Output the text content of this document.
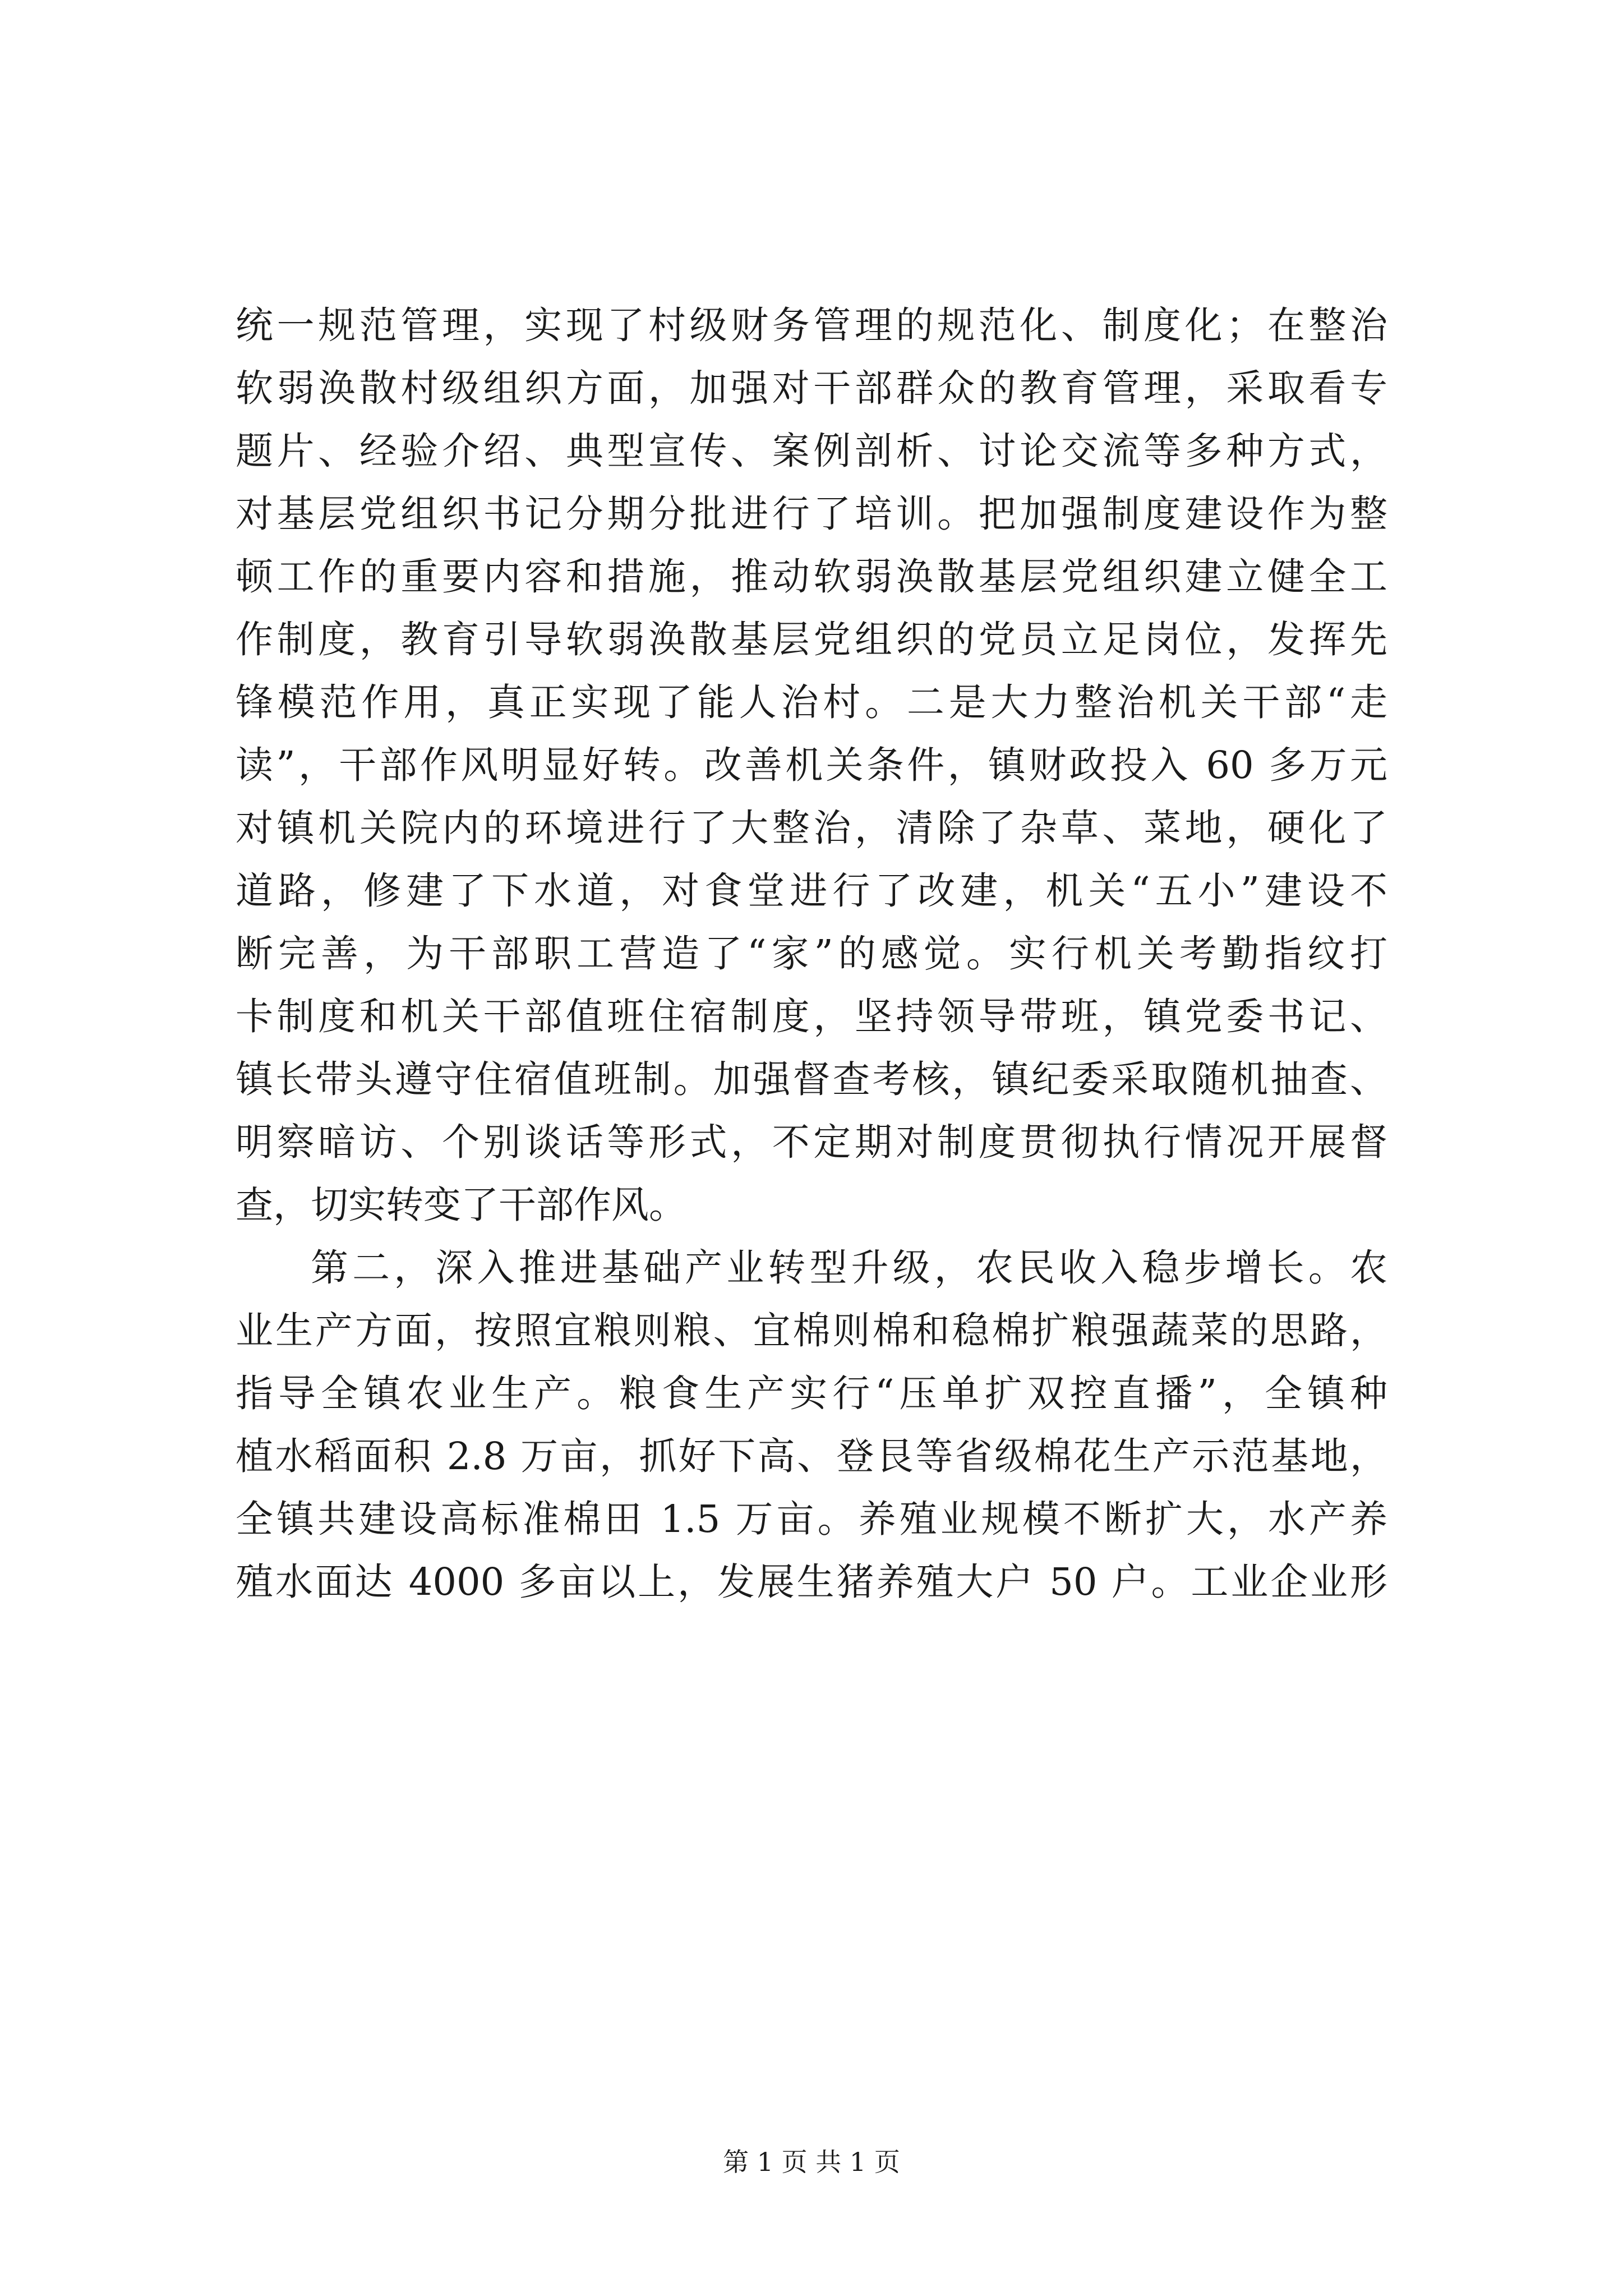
统一规范管理，实现了村级财务管理的规范化、制度化；在整治
软弱涣散村级组织方面，加强对干部群众的教育管理，采取看专
题片、经验介绍、典型宣传、案例剖析、讨论交流等多种方式，
对基层党组织书记分期分批进行了培训。把加强制度建设作为整
顿工作的重要内容和措施，推动软弱涣散基层党组织建立健全工
作制度，教育引导软弱涣散基层党组织的党员立足岗位，发挥先
锋模范作用，真正实现了能人治村。二是大力整治机关干部“走
读”，干部作风明显好转。改善机关条件，镇财政投入 60 多万元
对镇机关院内的环境进行了大整治，清除了杂草、菜地，硬化了
道路，修建了下水道，对食堂进行了改建，机关“五小”建设不
断完善，为干部职工营造了“家”的感觉。实行机关考勤指纹打
卡制度和机关干部值班住宿制度，坚持领导带班，镇党委书记、
镇长带头遵守住宿值班制。加强督查考核，镇纪委采取随机抽查、
明察暗访、个别谈话等形式，不定期对制度贯彻执行情况开展督
查，切实转变了干部作风。
第二，深入推进基础产业转型升级，农民收入稳步增长。农
业生产方面，按照宜粮则粮、宜棉则棉和稳棉扩粮强蔬菜的思路，
指导全镇农业生产。粮食生产实行“压单扩双控直播”，全镇种
植水稻面积 2.8 万亩，抓好下高、登艮等省级棉花生产示范基地，
全镇共建设高标准棉田 1.5 万亩。养殖业规模不断扩大，水产养
殖水面达 4000 多亩以上，发展生猪养殖大户 50 户。工业企业形
第 1 页 共 1 页
